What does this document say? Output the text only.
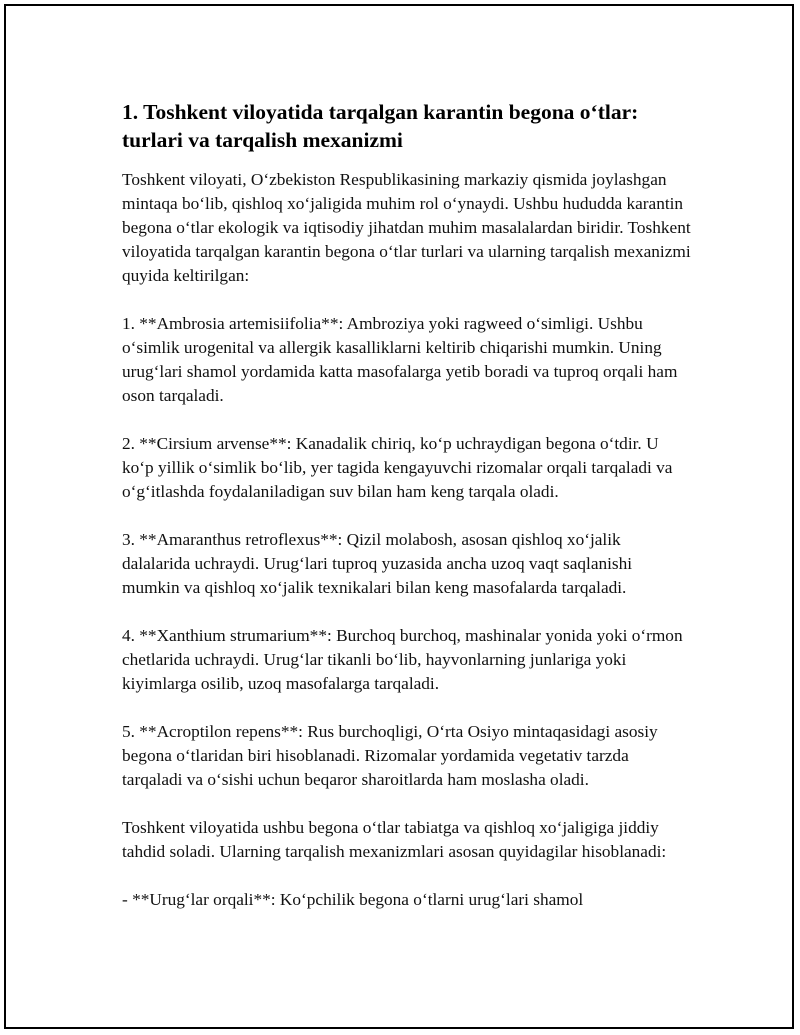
1. Toshkent viloyatida tarqalgan karantin begona o‘tlar: turlari va tarqalish mexanizmi

Toshkent viloyati, O‘zbekiston Respublikasining markaziy qismida joylashgan mintaqa bo‘lib, qishloq xo‘jaligida muhim rol o‘ynaydi. Ushbu hududda karantin begona o‘tlar ekologik va iqtisodiy jihatdan muhim masalalardan biridir. Toshkent viloyatida tarqalgan karantin begona o‘tlar turlari va ularning tarqalish mexanizmi quyida keltirilgan:

1. **Ambrosia artemisiifolia**: Ambroziya yoki ragweed o‘simligi. Ushbu o‘simlik urogenital va allergik kasalliklarni keltirib chiqarishi mumkin. Uning urug‘lari shamol yordamida katta masofalarga yetib boradi va tuproq orqali ham oson tarqaladi.

2. **Cirsium arvense**: Kanadalik chiriq, ko‘p uchraydigan begona o‘tdir. U ko‘p yillik o‘simlik bo‘lib, yer tagida kengayuvchi rizomalar orqali tarqaladi va o‘g‘itlashda foydalaniladigan suv bilan ham keng tarqala oladi.

3. **Amaranthus retroflexus**: Qizil molabosh, asosan qishloq xo‘jalik dalalarida uchraydi. Urug‘lari tuproq yuzasida ancha uzoq vaqt saqlanishi mumkin va qishloq xo‘jalik texnikalari bilan keng masofalarda tarqaladi.

4. **Xanthium strumarium**: Burchoq burchoq, mashinalar yonida yoki o‘rmon chetlarida uchraydi. Urug‘lar tikanli bo‘lib, hayvonlarning junlariga yoki kiyimlarga osilib, uzoq masofalarga tarqaladi.

5. **Acroptilon repens**: Rus burchoqligi, O‘rta Osiyo mintaqasidagi asosiy begona o‘tlaridan biri hisoblanadi. Rizomalar yordamida vegetativ tarzda tarqaladi va o‘sishi uchun beqaror sharoitlarda ham moslasha oladi.

Toshkent viloyatida ushbu begona o‘tlar tabiatga va qishloq xo‘jaligiga jiddiy tahdid soladi. Ularning tarqalish mexanizmlari asosan quyidagilar hisoblanadi:

- **Urug‘lar orqali**: Ko‘pchilik begona o‘tlarni urug‘lari shamol
